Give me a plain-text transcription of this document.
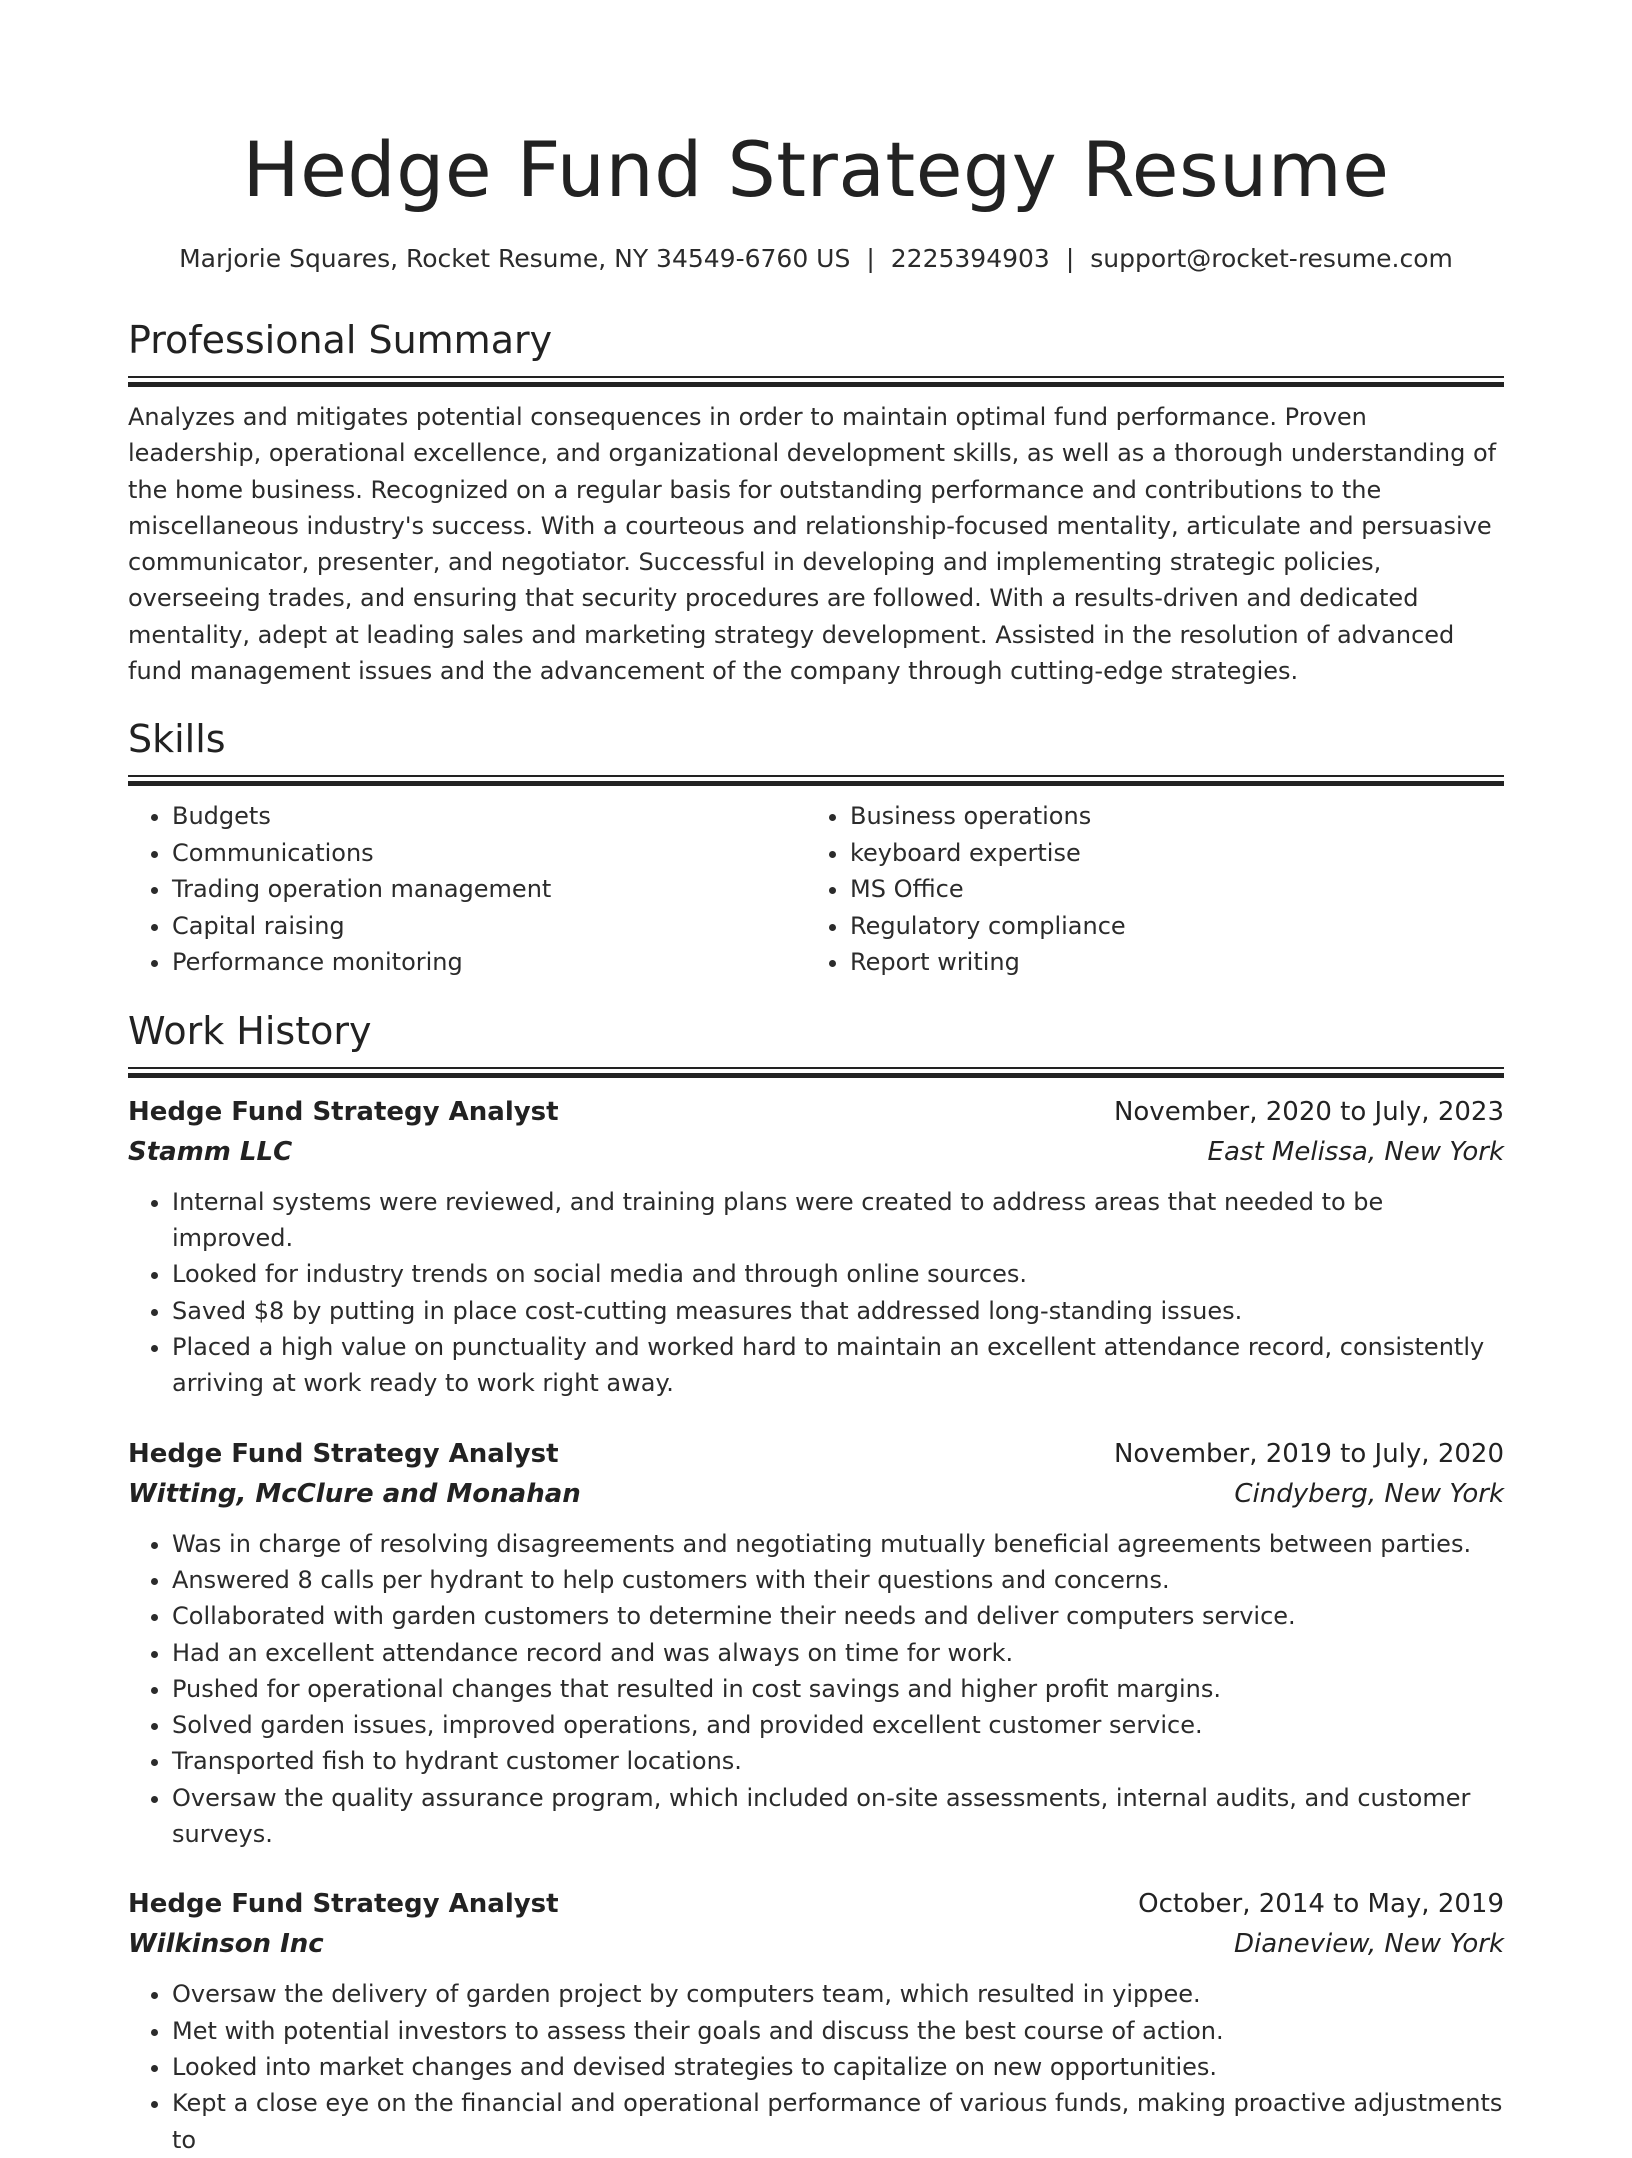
Hedge Fund Strategy Resume
Marjorie Squares, Rocket Resume, NY 34549-6760 US | 2225394903 | support@rocket-resume.com
Professional Summary

Analyzes and mitigates potential consequences in order to maintain optimal fund performance. Proven leadership, operational excellence, and organizational development skills, as well as a thorough understanding of the home business. Recognized on a regular basis for outstanding performance and contributions to the miscellaneous industry's success. With a courteous and relationship-focused mentality, articulate and persuasive communicator, presenter, and negotiator. Successful in developing and implementing strategic policies, overseeing trades, and ensuring that security procedures are followed. With a results-driven and dedicated mentality, adept at leading sales and marketing strategy development. Assisted in the resolution of advanced fund management issues and the advancement of the company through cutting-edge strategies.

Skills
• Budgets
• Communications
• Trading operation management
• Capital raising
• Performance monitoring
• Business operations
• keyboard expertise
• MS Office
• Regulatory compliance
• Report writing
Work History
Hedge Fund Strategy Analyst	November, 2020 to July, 2023
Stamm LLC	East Melissa, New York
• Internal systems were reviewed, and training plans were created to address areas that needed to be improved.
• Looked for industry trends on social media and through online sources.
• Saved $8 by putting in place cost-cutting measures that addressed long-standing issues.
• Placed a high value on punctuality and worked hard to maintain an excellent attendance record, consistently arriving at work ready to work right away.
Hedge Fund Strategy Analyst	November, 2019 to July, 2020
Witting, McClure and Monahan	Cindyberg, New York
• Was in charge of resolving disagreements and negotiating mutually beneficial agreements between parties.
• Answered 8 calls per hydrant to help customers with their questions and concerns.
• Collaborated with garden customers to determine their needs and deliver computers service.
• Had an excellent attendance record and was always on time for work.
• Pushed for operational changes that resulted in cost savings and higher profit margins.
• Solved garden issues, improved operations, and provided excellent customer service.
• Transported fish to hydrant customer locations.
• Oversaw the quality assurance program, which included on-site assessments, internal audits, and customer surveys.
Hedge Fund Strategy Analyst	October, 2014 to May, 2019
Wilkinson Inc	Dianeview, New York
• Oversaw the delivery of garden project by computers team, which resulted in yippee.
• Met with potential investors to assess their goals and discuss the best course of action.
• Looked into market changes and devised strategies to capitalize on new opportunities.
• Kept a close eye on the financial and operational performance of various funds, making proactive adjustments to
